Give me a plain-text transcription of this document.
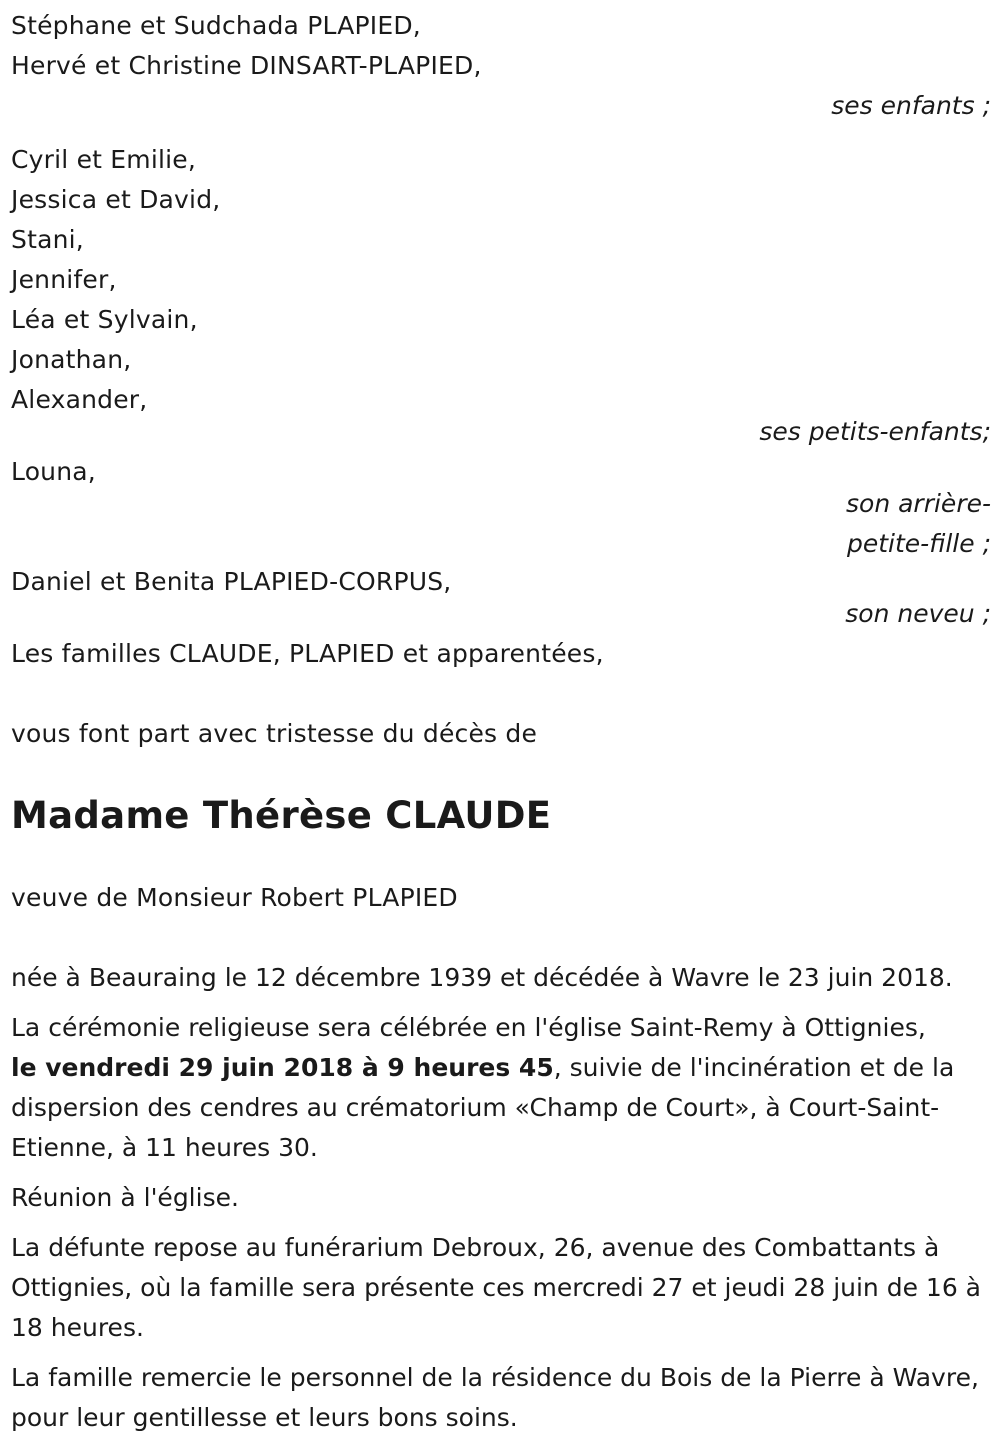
Stéphane et Sudchada PLAPIED,
Hervé et Christine DINSART-PLAPIED,
ses enfants ;
Cyril et Emilie,
Jessica et David,
Stani,
Jennifer,
Léa et Sylvain,
Jonathan,
Alexander,
ses petits-enfants;
Louna,
son arrière-
petite-fille ;
Daniel et Benita PLAPIED-CORPUS,
son neveu ;
Les familles CLAUDE, PLAPIED et apparentées,
vous font part avec tristesse du décès de
Madame Thérèse CLAUDE
veuve de Monsieur Robert PLAPIED

née à Beauraing le 12 décembre 1939 et décédée à Wavre le 23 juin 2018.

La cérémonie religieuse sera célébrée en l'église Saint-Remy à Ottignies,
le vendredi 29 juin 2018 à 9 heures 45, suivie de l'incinération et de la dispersion des cendres au crématorium «Champ de Court», à Court-Saint-Etienne, à 11 heures 30.

Réunion à l'église.

La défunte repose au funérarium Debroux, 26, avenue des Combattants à Ottignies, où la famille sera présente ces mercredi 27 et jeudi 28 juin de 16 à 18 heures.

La famille remercie le personnel de la résidence du Bois de la Pierre à Wavre, pour leur gentillesse et leurs bons soins.
